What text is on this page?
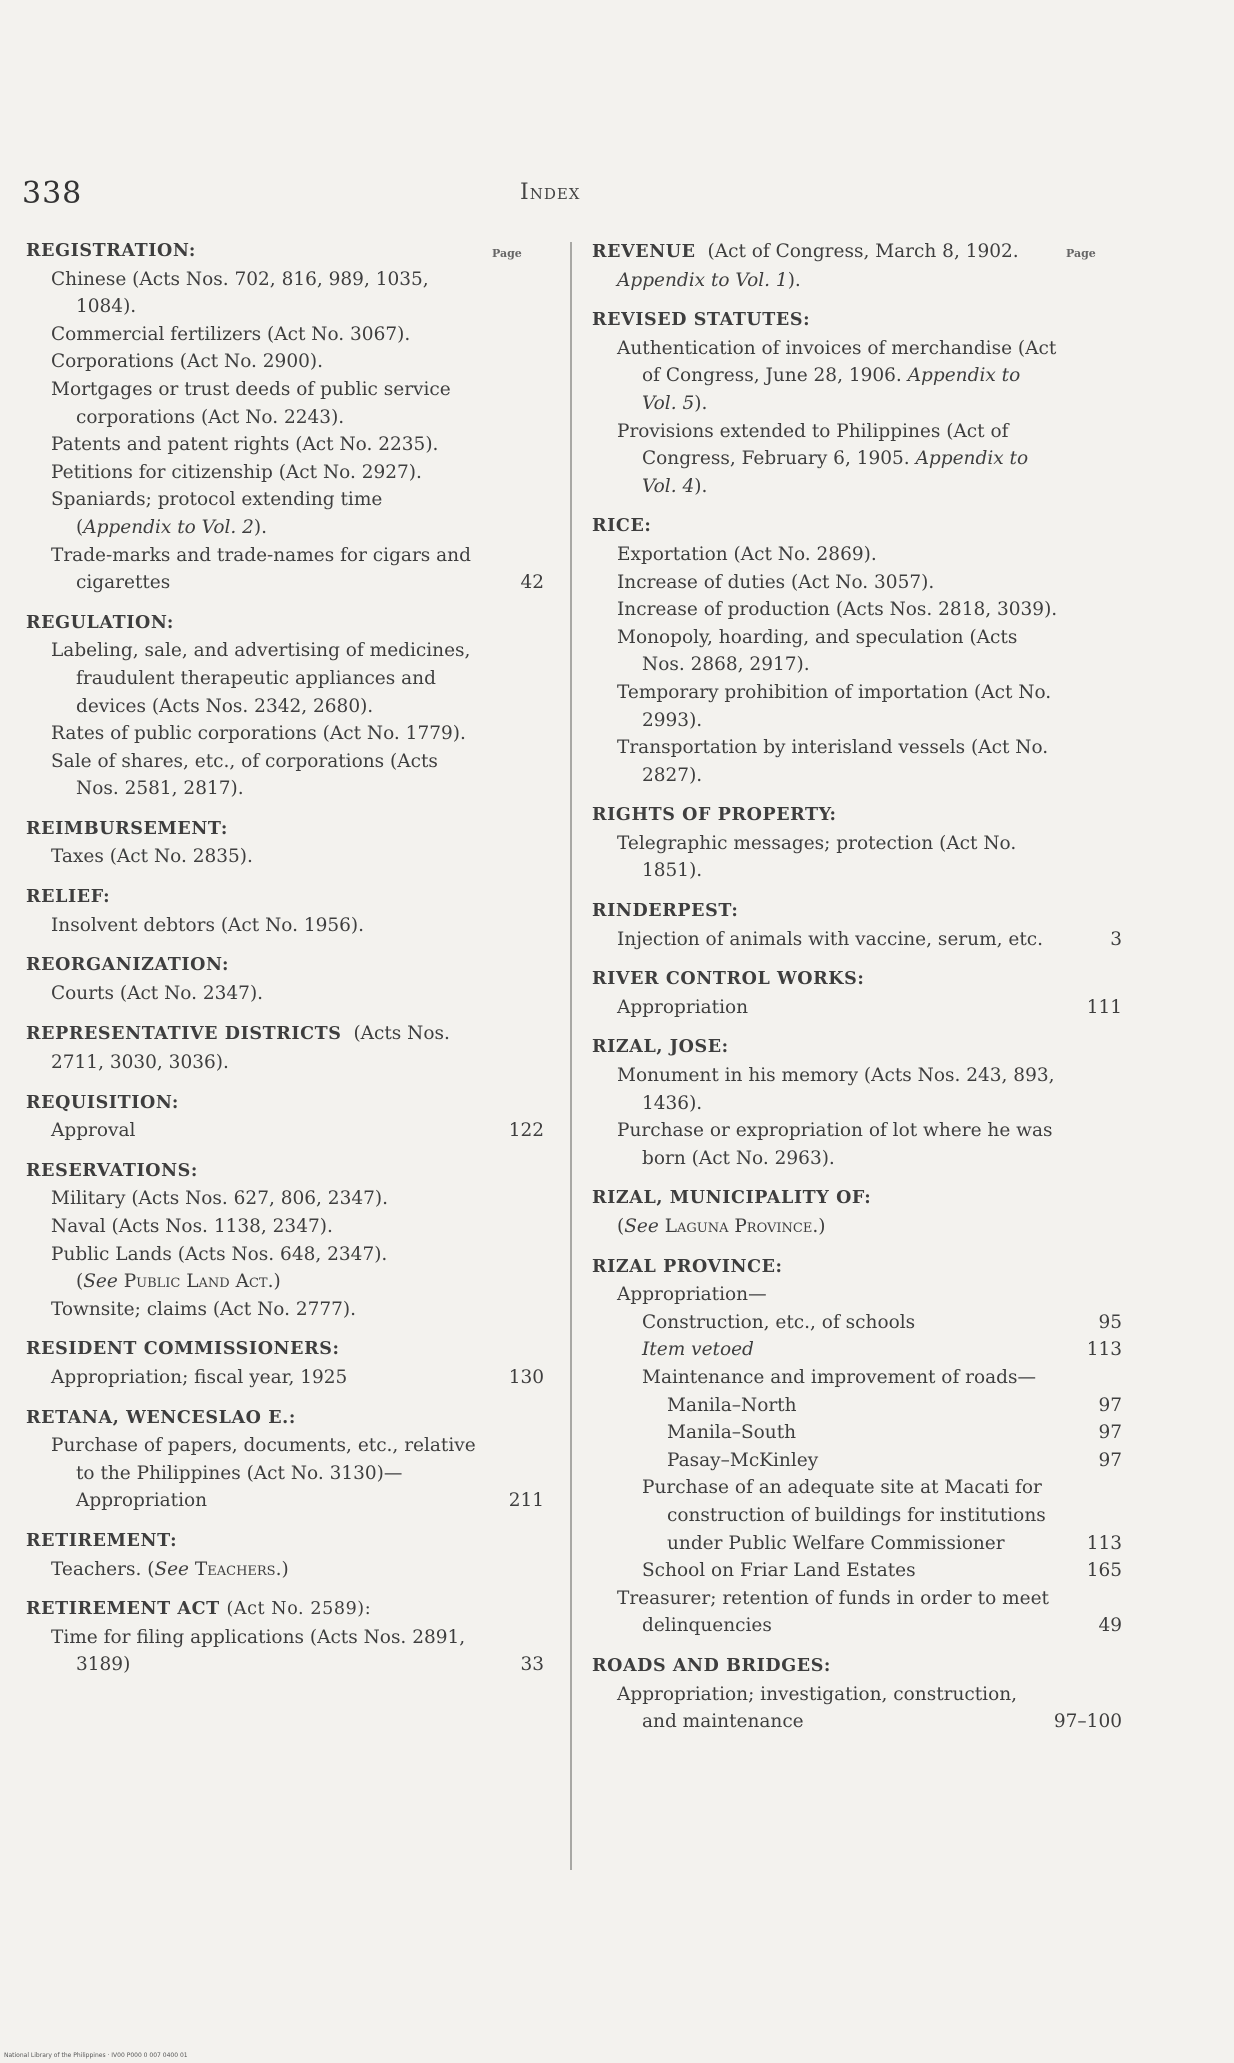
338	Index
Page	Page
REGISTRATION:
Chinese (Acts Nos. 702, 816, 989, 1035, 1084).
Commercial fertilizers (Act No. 3067).
Corporations (Act No. 2900).
Mortgages or trust deeds of public service corporations (Act No. 2243).
Patents and patent rights (Act No. 2235).
Petitions for citizenship (Act No. 2927).
Spaniards; protocol extending time (Appendix to Vol. 2).
Trade-marks and trade-names for cigars and cigarettes	42
REGULATION:
Labeling, sale, and advertising of medicines, fraudulent therapeutic appliances and devices (Acts Nos. 2342, 2680).
Rates of public corporations (Act No. 1779).
Sale of shares, etc., of corporations (Acts Nos. 2581, 2817).
REIMBURSEMENT:
Taxes (Act No. 2835).
RELIEF:
Insolvent debtors (Act No. 1956).
REORGANIZATION:
Courts (Act No. 2347).
REPRESENTATIVE DISTRICTS (Acts Nos. 2711, 3030, 3036).
REQUISITION:
Approval	122
RESERVATIONS:
Military (Acts Nos. 627, 806, 2347).
Naval (Acts Nos. 1138, 2347).
Public Lands (Acts Nos. 648, 2347).
(See Public Land Act.)
Townsite; claims (Act No. 2777).
RESIDENT COMMISSIONERS:
Appropriation; fiscal year, 1925	130
RETANA, WENCESLAO E.:
Purchase of papers, documents, etc., relative to the Philippines (Act No. 3130)—
Appropriation	211
RETIREMENT:
Teachers. (See Teachers.)
RETIREMENT ACT (Act No. 2589):
Time for filing applications (Acts Nos. 2891, 3189)	33
REVENUE (Act of Congress, March 8, 1902. Appendix to Vol. 1).
REVISED STATUTES:
Authentication of invoices of merchandise (Act of Congress, June 28, 1906. Appendix to Vol. 5).
Provisions extended to Philippines (Act of Congress, February 6, 1905. Appendix to Vol. 4).
RICE:
Exportation (Act No. 2869).
Increase of duties (Act No. 3057).
Increase of production (Acts Nos. 2818, 3039).
Monopoly, hoarding, and speculation (Acts Nos. 2868, 2917).
Temporary prohibition of importation (Act No. 2993).
Transportation by interisland vessels (Act No. 2827).
RIGHTS OF PROPERTY:
Telegraphic messages; protection (Act No. 1851).
RINDERPEST:
Injection of animals with vaccine, serum, etc.	3
RIVER CONTROL WORKS:
Appropriation	111
RIZAL, JOSE:
Monument in his memory (Acts Nos. 243, 893, 1436).
Purchase or expropriation of lot where he was born (Act No. 2963).
RIZAL, MUNICIPALITY OF:
(See Laguna Province.)
RIZAL PROVINCE:
Appropriation—
Construction, etc., of schools	95
Item vetoed	113
Maintenance and improvement of roads—
Manila–North	97
Manila–South	97
Pasay–McKinley	97
Purchase of an adequate site at Macati for construction of buildings for institutions under Public Welfare Commissioner	113
School on Friar Land Estates	165
Treasurer; retention of funds in order to meet delinquencies	49
ROADS AND BRIDGES:
Appropriation; investigation, construction, and maintenance	97–100
National Library of the Philippines · IV00 P000 0 007 0400 01
